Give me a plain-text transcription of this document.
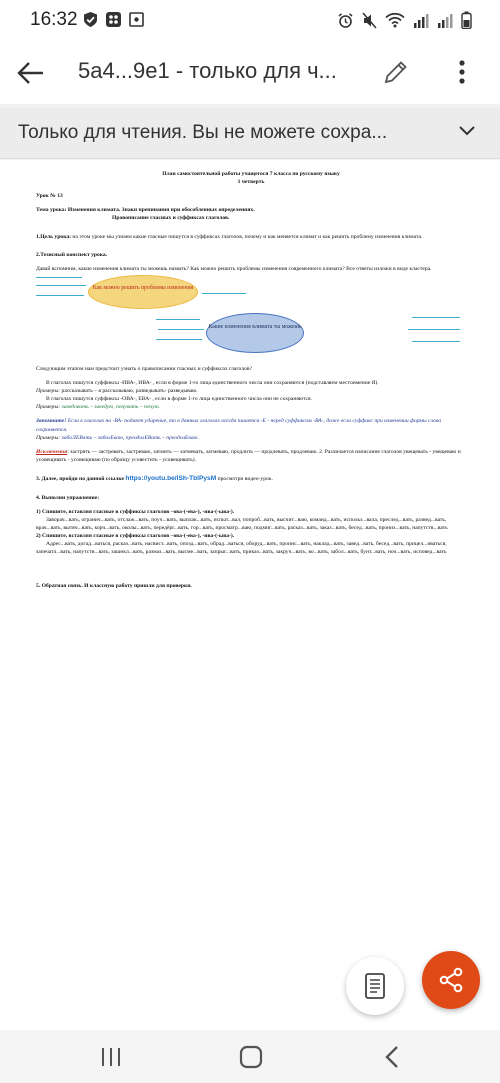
16:32
5a4...9e1 - только для ч...
Только для чтения. Вы не можете сохра...
План самостоятельной работы учащегося 7 класса по русскому языку
1 четверть
Урок № 13
Тема урока: Изменения климата. Знаки препинания при обособленных определениях.
Правописание гласных и суффиксах глаголов.
1.Цель урока: на этом уроке мы узнаем какие гласные пишутся в суффиксах глаголов, почему и как меняется климат и как решить проблему изменения климата.
2.Тезисный конспект урока.
Давай вспомним, какие изменения климата ты можешь назвать? Как можно решить проблемы изменения современного климата? Все ответы изложи в виде кластера.
Как можно решить проблемы изменения
Какие изменения климата ты можешь
Следующим этапом нам предстоит узнать о правописании гласных и суффиксах глаголов?
В глаголах пишутся суффиксы -ИВА-, ИВА- , если в форме 1-го лица единственного числа они сохраняются (подставляем местоимение Я).
Примеры: рассказывать – я рассказываю, разведывать- разведываю.
В глаголах пишутся суффиксы -ОВА-, ЕВА- , если в форме 1-го лица единственного числа они не сохраняются.
Примеры: заведовать – заведую, почувать – почую.
Запомните! Если в глаголах на -ВА- подают ударение, то в данных глаголах всегда пишется -Е - перед суффиксом -ВА-, даже если суффикс при изменении формы слова сохраняется.
Примеры: забоЛЕВать – заболЕваю, преодолЕВать – преодолЕваю.
Исключения: застрять — застревать, застреваю, затмить — затмевать, затмеваю, продлить — продлевать, продлеваю. 2. Различается написание глаголов увещевать - увещеваю и усовещивать - усовещиваю (по образцу усовестить - усовещивать).
3. Далее, пройди по данной ссылке https://youtu.be/lSh-TblPysM просмотри видео-урок.
4. Выполни упражнение:
1) Спишите, вставляя гласные в суффиксы глаголов –ова-(-ева-), -ива-(-ыва-).
Заворач...вать, огранич...вать, отслаж...вать, поуч...вать, выплак...вать, испыт...вал, попроб...вать, высчит...ваю, команд...вать, использ...вала, преслед...вать, развед...вать, врач...вать, вытяч...вать, корч...вать, околы...вать, передёрг...вать, гор...вать, просматр...ваю, подмиг...вать, расказ...вать, заказ...вать, бесед...вать, прониз...вать, напутств...вать
2) Спишите, вставляя гласные в суффиксы глаголов –ова-(-ева-), -ива-(-ыва-).
Адрес...вать, догад...ваться, расказ...вать, насвист...вать, опозд...вать, обрад...ваться, оборуд...вать, проинс...вать, наклад...вать, завед...вать, бесед...вать, прицел...иваться, запечатл...вать, напутств...вать, зашнкл...вать, размаз...вать, высме...вать, запрыг...вать, приказ...вать, закруч...вать, во...вать, забол...вать, бунт...вать, ноч...вать, исповед...вать
5. Обратная связь. И классную работу пришли для проверки.
